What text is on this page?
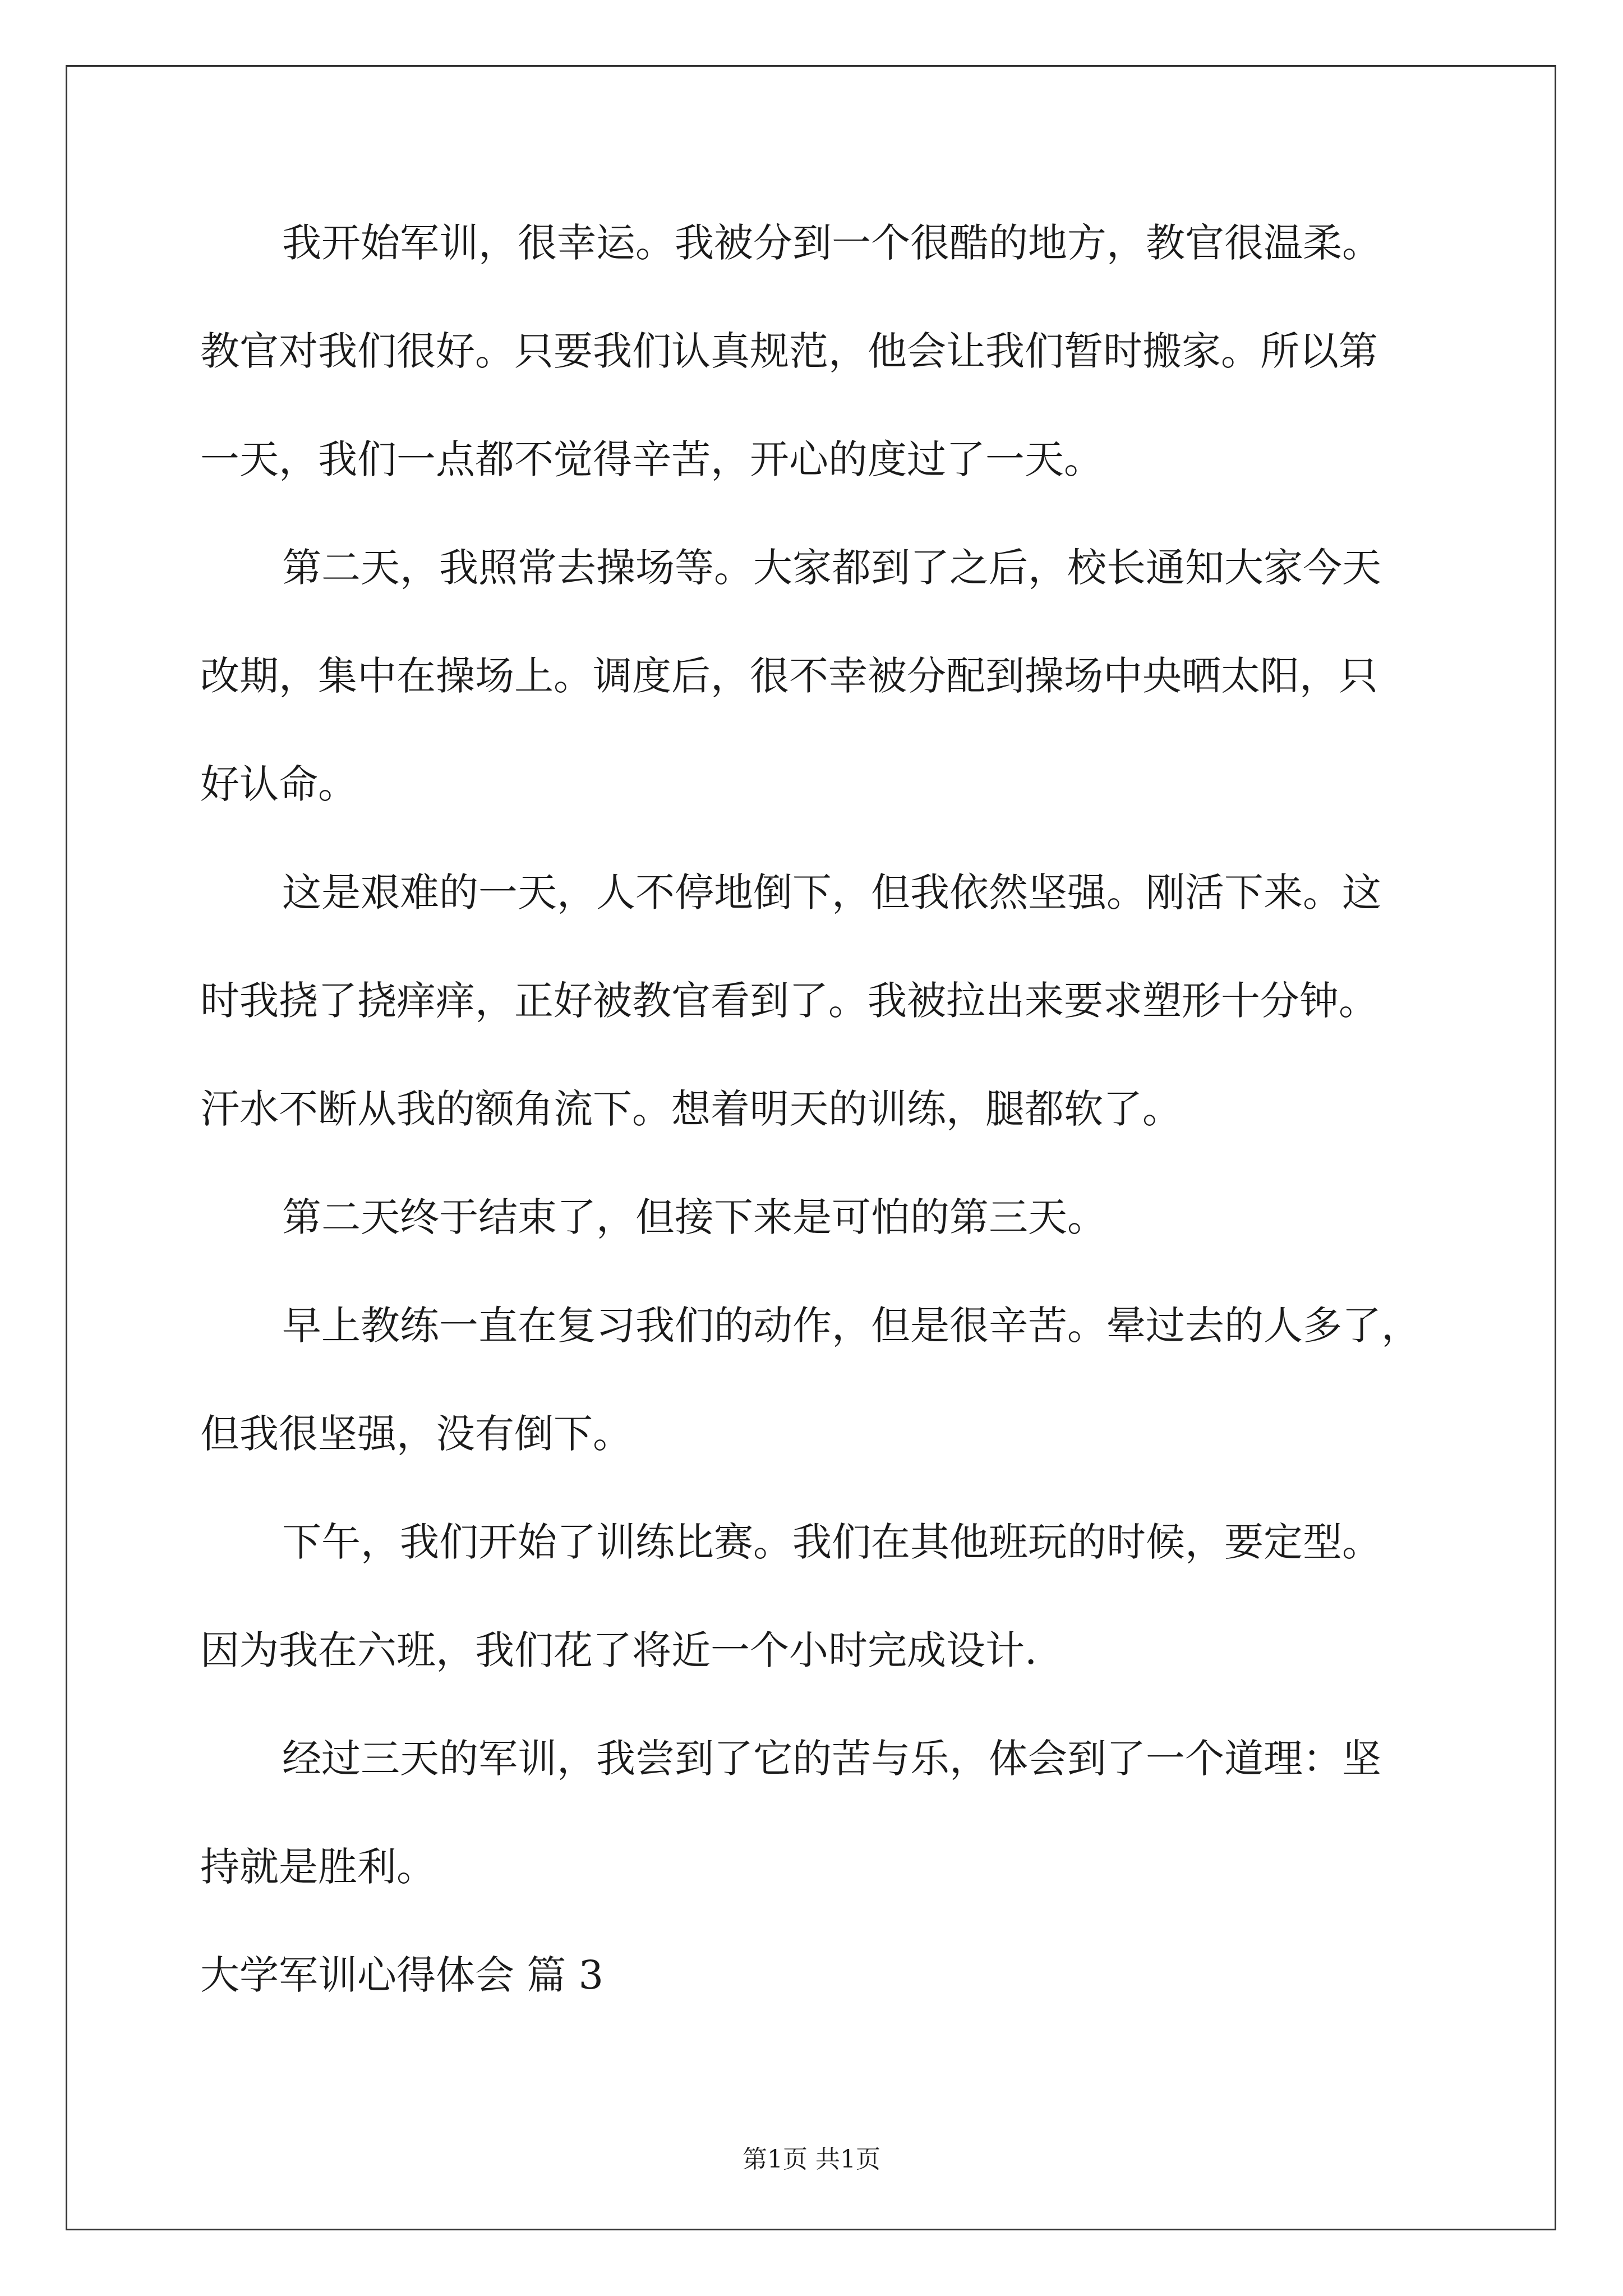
我开始军训，很幸运。我被分到一个很酷的地方，教官很温柔。
教官对我们很好。只要我们认真规范，他会让我们暂时搬家。所以第
一天，我们一点都不觉得辛苦，开心的度过了一天。
第二天，我照常去操场等。大家都到了之后，校长通知大家今天
改期，集中在操场上。调度后，很不幸被分配到操场中央晒太阳，只
好认命。
这是艰难的一天，人不停地倒下，但我依然坚强。刚活下来。这
时我挠了挠痒痒，正好被教官看到了。我被拉出来要求塑形十分钟。
汗水不断从我的额角流下。想着明天的训练，腿都软了。
第二天终于结束了，但接下来是可怕的第三天。
早上教练一直在复习我们的动作，但是很辛苦。晕过去的人多了，
但我很坚强，没有倒下。
下午，我们开始了训练比赛。我们在其他班玩的时候，要定型。
因为我在六班，我们花了将近一个小时完成设计.
经过三天的军训，我尝到了它的苦与乐，体会到了一个道理：坚
持就是胜利。
大学军训心得体会 篇 3
第1页 共1页
